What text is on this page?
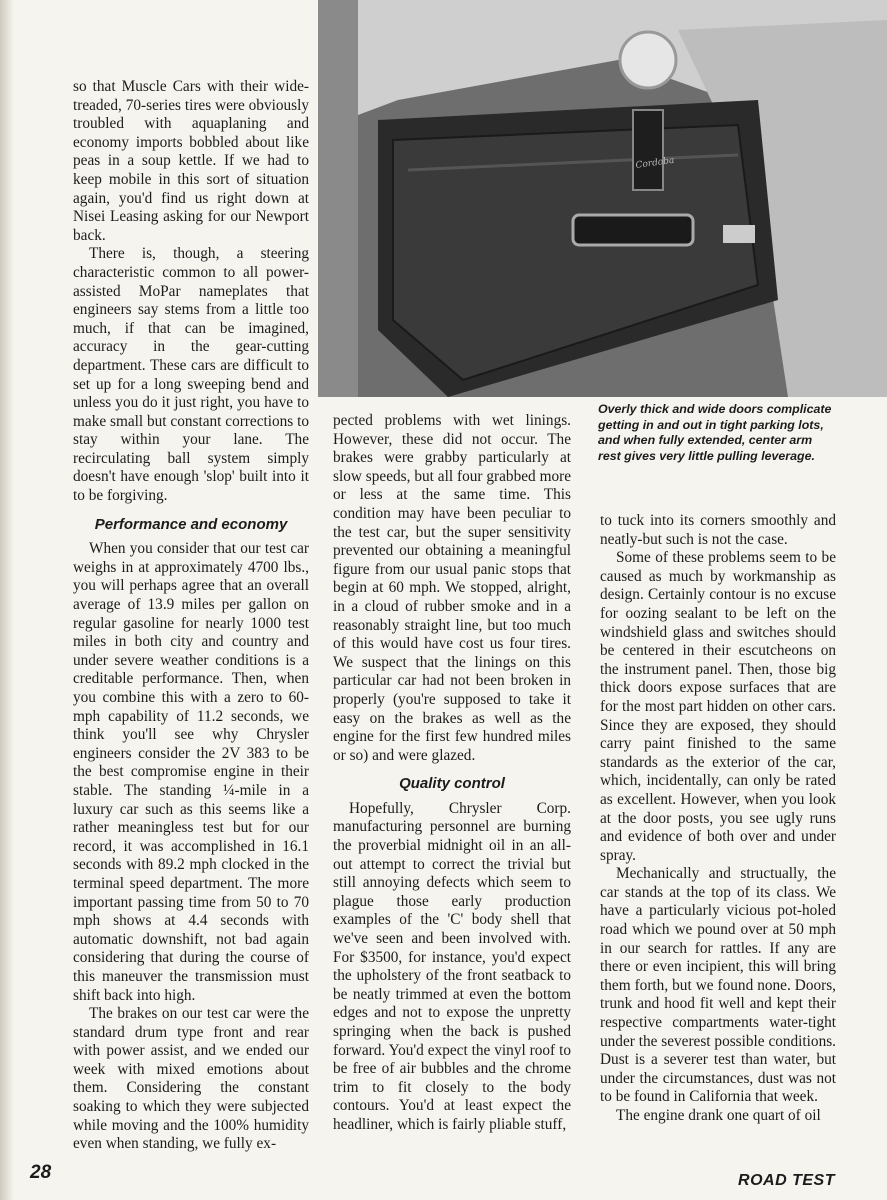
Cordoba
Overly thick and wide doors complicate getting in and out in tight parking lots, and when fully extended, center arm rest gives very little pulling leverage.

so that Muscle Cars with their wide-treaded, 70-series tires were obviously troubled with aquaplaning and economy imports bobbled about like peas in a soup kettle. If we had to keep mobile in this sort of situation again, you'd find us right down at Nisei Leasing asking for our Newport back.

There is, though, a steering characteristic common to all power-assisted MoPar nameplates that engineers say stems from a little too much, if that can be imagined, accuracy in the gear-cutting department. These cars are difficult to set up for a long sweeping bend and unless you do it just right, you have to make small but constant corrections to stay within your lane. The recirculating ball system simply doesn't have enough 'slop' built into it to be forgiving.

Performance and economy

When you consider that our test car weighs in at approximately 4700 lbs., you will perhaps agree that an overall average of 13.9 miles per gallon on regular gasoline for nearly 1000 test miles in both city and country and under severe weather conditions is a creditable performance. Then, when you combine this with a zero to 60-mph capability of 11.2 seconds, we think you'll see why Chrysler engineers consider the 2V 383 to be the best compromise engine in their stable. The standing ¼-mile in a luxury car such as this seems like a rather meaningless test but for our record, it was accomplished in 16.1 seconds with 89.2 mph clocked in the terminal speed department. The more important passing time from 50 to 70 mph shows at 4.4 seconds with automatic downshift, not bad again considering that during the course of this maneuver the transmission must shift back into high.

The brakes on our test car were the standard drum type front and rear with power assist, and we ended our week with mixed emotions about them. Considering the constant soaking to which they were subjected while moving and the 100% humidity even when standing, we fully ex-

pected problems with wet linings. However, these did not occur. The brakes were grabby particularly at slow speeds, but all four grabbed more or less at the same time. This condition may have been peculiar to the test car, but the super sensitivity prevented our obtaining a meaningful figure from our usual panic stops that begin at 60 mph. We stopped, alright, in a cloud of rubber smoke and in a reasonably straight line, but too much of this would have cost us four tires. We suspect that the linings on this particular car had not been broken in properly (you're supposed to take it easy on the brakes as well as the engine for the first few hundred miles or so) and were glazed.

Quality control

Hopefully, Chrysler Corp. manufacturing personnel are burning the proverbial midnight oil in an all-out attempt to correct the trivial but still annoying defects which seem to plague those early production examples of the 'C' body shell that we've seen and been involved with. For $3500, for instance, you'd expect the upholstery of the front seatback to be neatly trimmed at even the bottom edges and not to expose the unpretty springing when the back is pushed forward. You'd expect the vinyl roof to be free of air bubbles and the chrome trim to fit closely to the body contours. You'd at least expect the headliner, which is fairly pliable stuff,

to tuck into its corners smoothly and neatly-but such is not the case.

Some of these problems seem to be caused as much by workmanship as design. Certainly contour is no excuse for oozing sealant to be left on the windshield glass and switches should be centered in their escutcheons on the instrument panel. Then, those big thick doors expose surfaces that are for the most part hidden on other cars. Since they are exposed, they should carry paint finished to the same standards as the exterior of the car, which, incidentally, can only be rated as excellent. However, when you look at the door posts, you see ugly runs and evidence of both over and under spray.

Mechanically and structually, the car stands at the top of its class. We have a particularly vicious pot-holed road which we pound over at 50 mph in our search for rattles. If any are there or even incipient, this will bring them forth, but we found none. Doors, trunk and hood fit well and kept their respective compartments water-tight under the severest possible conditions. Dust is a severer test than water, but under the circumstances, dust was not to be found in California that week.

The engine drank one quart of oil

28	ROAD TEST
